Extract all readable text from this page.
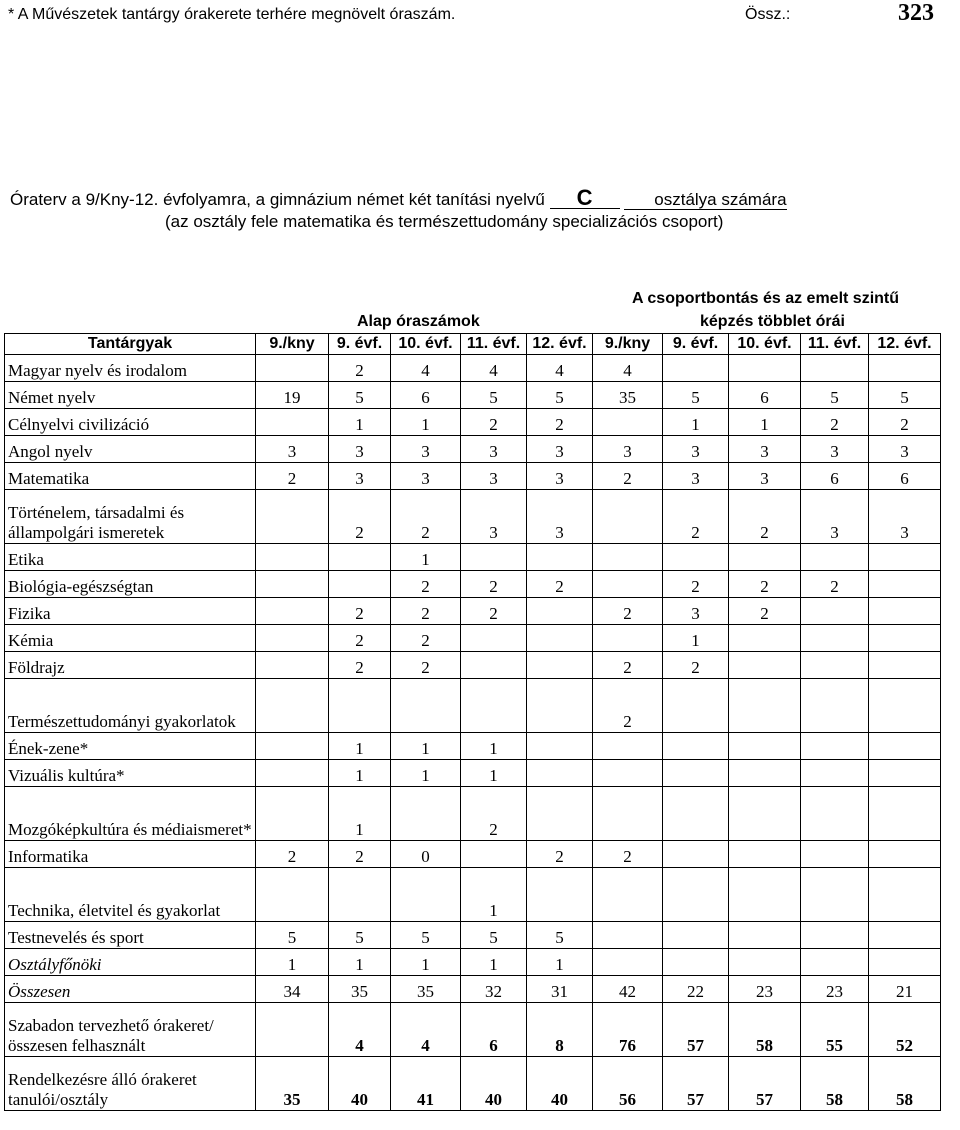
* A Művészetek tantárgy órakerete terhére megnövelt óraszám.	Össz.:	323
Óraterv a 9/Kny-12. évfolyamra, a gimnázium német két tanítási nyelvű C	osztálya számára
(az osztály fele matematika és természettudomány specializációs csoport)
Alap óraszámok
A csoportbontás és az emelt szintű
képzés többlet órái
Tantárgyak	9./kny	9. évf.	10. évf.	11. évf.	12. évf.	9./kny	9. évf.	10. évf.	11. évf.	12. évf.
Magyar nyelv és irodalom		2	4	4	4	4				
Német nyelv	19	5	6	5	5	35	5	6	5	5
Célnyelvi civilizáció		1	1	2	2		1	1	2	2
Angol nyelv	3	3	3	3	3	3	3	3	3	3
Matematika	2	3	3	3	3	2	3	3	6	6
Történelem, társadalmi és állampolgári ismeretek		2	2	3	3		2	2	3	3
Etika			1							
Biológia-egészségtan			2	2	2		2	2	2	
Fizika		2	2	2		2	3	2		
Kémia		2	2				1			
Földrajz		2	2			2	2			
Természettudományi gyakorlatok						2				
Ének-zene*		1	1	1						
Vizuális kultúra*		1	1	1						
Mozgóképkultúra és médiaismeret*		1		2						
Informatika	2	2	0		2	2				
Technika, életvitel és gyakorlat				1						
Testnevelés és sport	5	5	5	5	5					
Osztályfőnöki	1	1	1	1	1					
Összesen	34	35	35	32	31	42	22	23	23	21
Szabadon tervezhető órakeret/összesen felhasznált		4	4	6	8	76	57	58	55	52
Rendelkezésre álló órakeret tanulói/osztály	35	40	41	40	40	56	57	57	58	58
